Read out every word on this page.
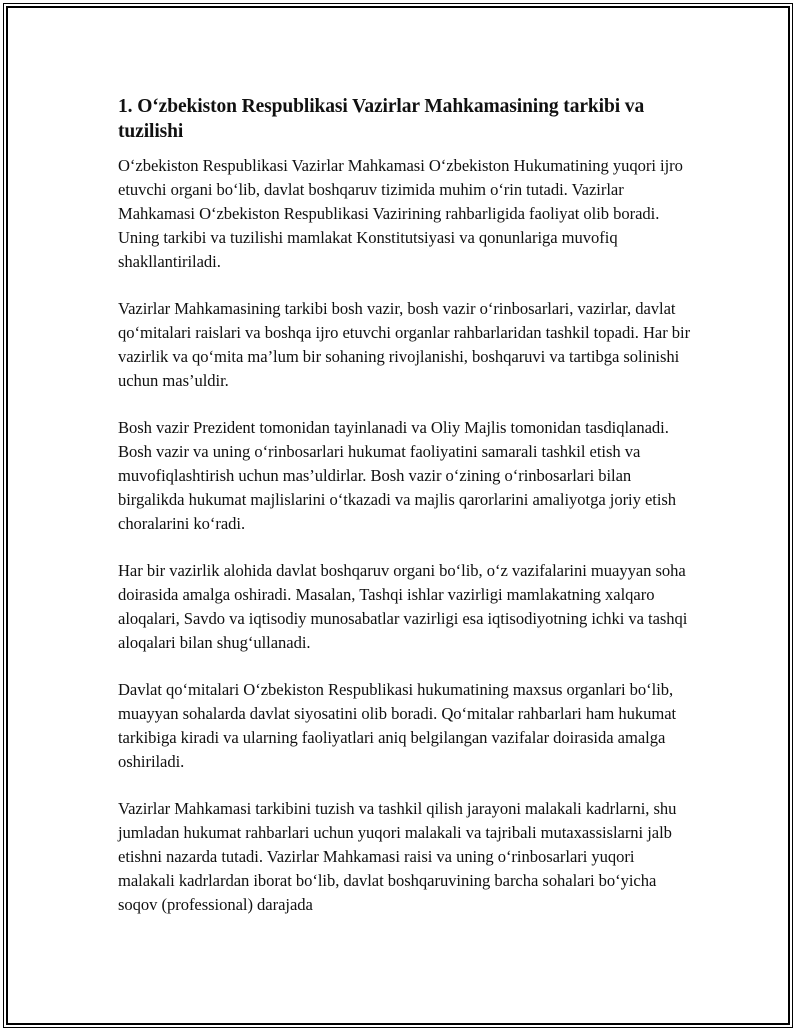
1. O‘zbekiston Respublikasi Vazirlar Mahkamasining tarkibi va tuzilishi

O‘zbekiston Respublikasi Vazirlar Mahkamasi O‘zbekiston Hukumatining yuqori ijro etuvchi organi bo‘lib, davlat boshqaruv tizimida muhim o‘rin tutadi. Vazirlar Mahkamasi O‘zbekiston Respublikasi Vazirining rahbarligida faoliyat olib boradi. Uning tarkibi va tuzilishi mamlakat Konstitutsiyasi va qonunlariga muvofiq shakllantiriladi.

Vazirlar Mahkamasining tarkibi bosh vazir, bosh vazir o‘rinbosarlari, vazirlar, davlat qo‘mitalari raislari va boshqa ijro etuvchi organlar rahbarlaridan tashkil topadi. Har bir vazirlik va qo‘mita ma’lum bir sohaning rivojlanishi, boshqaruvi va tartibga solinishi uchun mas’uldir.

Bosh vazir Prezident tomonidan tayinlanadi va Oliy Majlis tomonidan tasdiqlanadi. Bosh vazir va uning o‘rinbosarlari hukumat faoliyatini samarali tashkil etish va muvofiqlashtirish uchun mas’uldirlar. Bosh vazir o‘zining o‘rinbosarlari bilan birgalikda hukumat majlislarini o‘tkazadi va majlis qarorlarini amaliyotga joriy etish choralarini ko‘radi.

Har bir vazirlik alohida davlat boshqaruv organi bo‘lib, o‘z vazifalarini muayyan soha doirasida amalga oshiradi. Masalan, Tashqi ishlar vazirligi mamlakatning xalqaro aloqalari, Savdo va iqtisodiy munosabatlar vazirligi esa iqtisodiyotning ichki va tashqi aloqalari bilan shug‘ullanadi.

Davlat qo‘mitalari O‘zbekiston Respublikasi hukumatining maxsus organlari bo‘lib, muayyan sohalarda davlat siyosatini olib boradi. Qo‘mitalar rahbarlari ham hukumat tarkibiga kiradi va ularning faoliyatlari aniq belgilangan vazifalar doirasida amalga oshiriladi.

Vazirlar Mahkamasi tarkibini tuzish va tashkil qilish jarayoni malakali kadrlarni, shu jumladan hukumat rahbarlari uchun yuqori malakali va tajribali mutaxassislarni jalb etishni nazarda tutadi. Vazirlar Mahkamasi raisi va uning o‘rinbosarlari yuqori malakali kadrlardan iborat bo‘lib, davlat boshqaruvining barcha sohalari bo‘yicha soqov (professional) darajada
